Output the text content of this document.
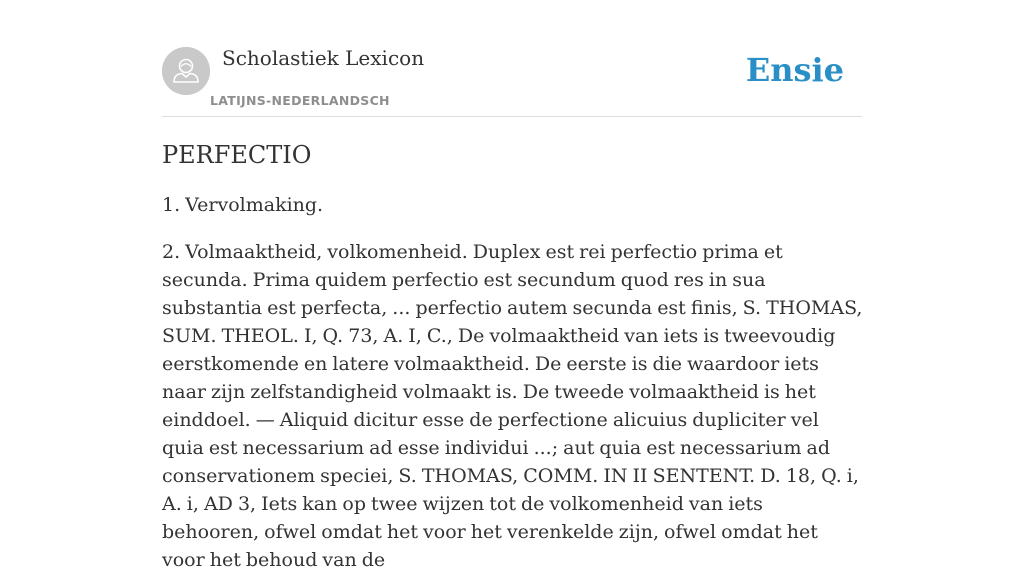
Scholastiek Lexicon
LATIJNS-NEDERLANDSCH
Ensie
PERFECTIO

1. Vervolmaking.

2. Volmaaktheid, volkomenheid. Duplex est rei perfectio prima et secunda. Prima quidem perfectio est secundum quod res in sua substantia est perfecta, ... perfectio autem secunda est finis, S. THOMAS, SUM. THEOL. I, Q. 73, A. I, C., De volmaaktheid van iets is tweevoudig eerstkomende en latere volmaaktheid. De eerste is die waardoor iets naar zijn zelfstandigheid volmaakt is. De tweede volmaaktheid is het einddoel. — Aliquid dicitur esse de perfectione alicuius dupliciter vel quia est necessarium ad esse individui ...; aut quia est necessarium ad conservationem speciei, S. THOMAS, COMM. IN II SENTENT. D. 18, Q. i, A. i, AD 3, Iets kan op twee wijzen tot de volkomenheid van iets behooren, ofwel omdat het voor het verenkelde zijn, ofwel omdat het voor het behoud van de
